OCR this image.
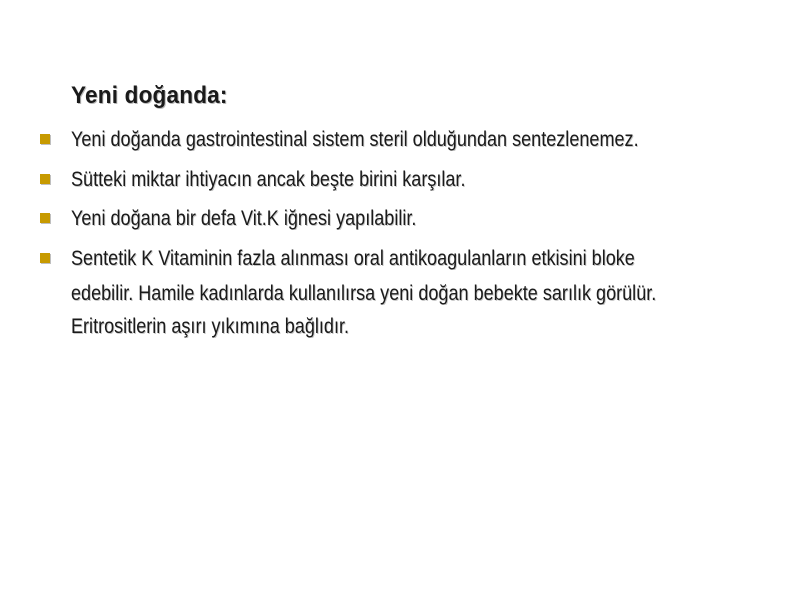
Yeni doğanda:
Yeni doğanda gastrointestinal sistem steril olduğundan sentezlenemez.
Sütteki miktar ihtiyacın ancak beşte birini karşılar.
Yeni doğana bir defa Vit.K iğnesi yapılabilir.
Sentetik K Vitaminin fazla alınması oral antikoagulanların etkisini bloke
edebilir. Hamile kadınlarda kullanılırsa yeni doğan bebekte sarılık görülür.
Eritrositlerin aşırı yıkımına bağlıdır.
